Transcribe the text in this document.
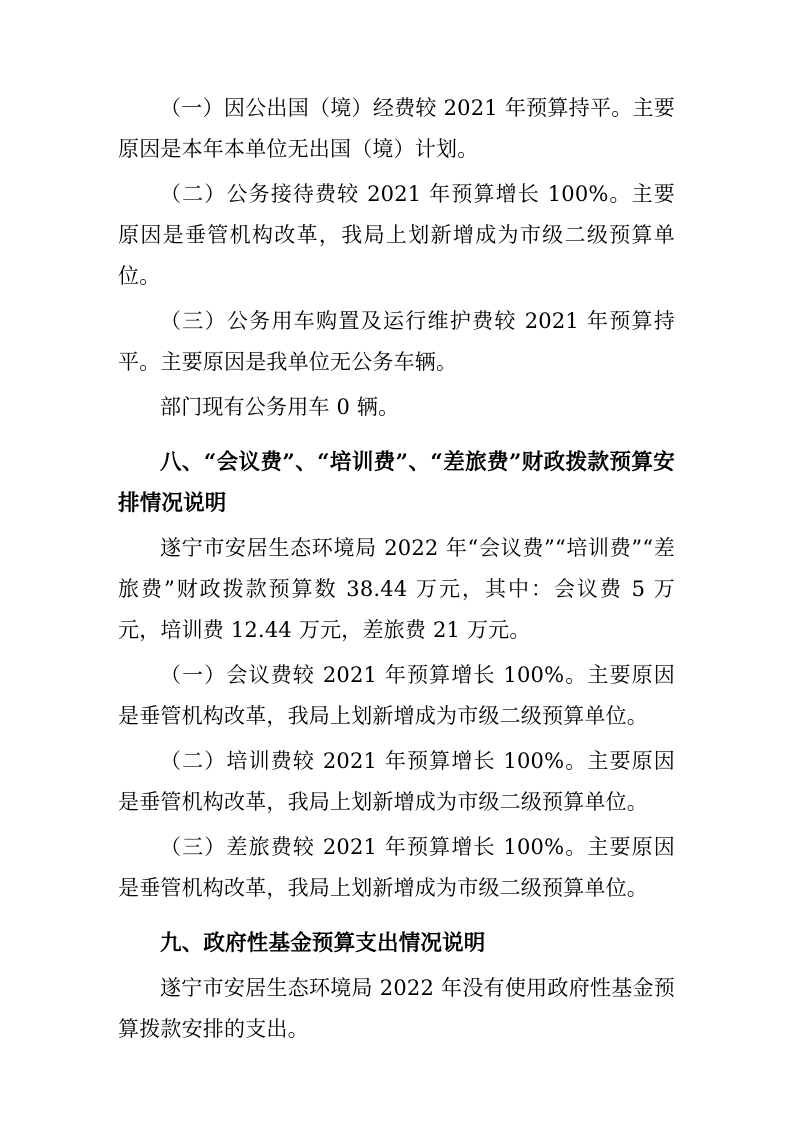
（一）因公出国（境）经费较 2021 年预算持平。主要原因是本年本单位无出国（境）计划。

（二）公务接待费较 2021 年预算增长 100%。主要原因是垂管机构改革，我局上划新增成为市级二级预算单位。

（三）公务用车购置及运行维护费较 2021 年预算持平。主要原因是我单位无公务车辆。

部门现有公务用车 0 辆。

八、“会议费”、“培训费”、“差旅费”财政拨款预算安排情况说明

遂宁市安居生态环境局 2022 年“会议费”“培训费”“差旅费”财政拨款预算数 38.44 万元，其中：会议费 5 万元，培训费 12.44 万元，差旅费 21 万元。

（一）会议费较 2021 年预算增长 100%。主要原因是垂管机构改革，我局上划新增成为市级二级预算单位。

（二）培训费较 2021 年预算增长 100%。主要原因是垂管机构改革，我局上划新增成为市级二级预算单位。

（三）差旅费较 2021 年预算增长 100%。主要原因是垂管机构改革，我局上划新增成为市级二级预算单位。

九、政府性基金预算支出情况说明

遂宁市安居生态环境局 2022 年没有使用政府性基金预算拨款安排的支出。
